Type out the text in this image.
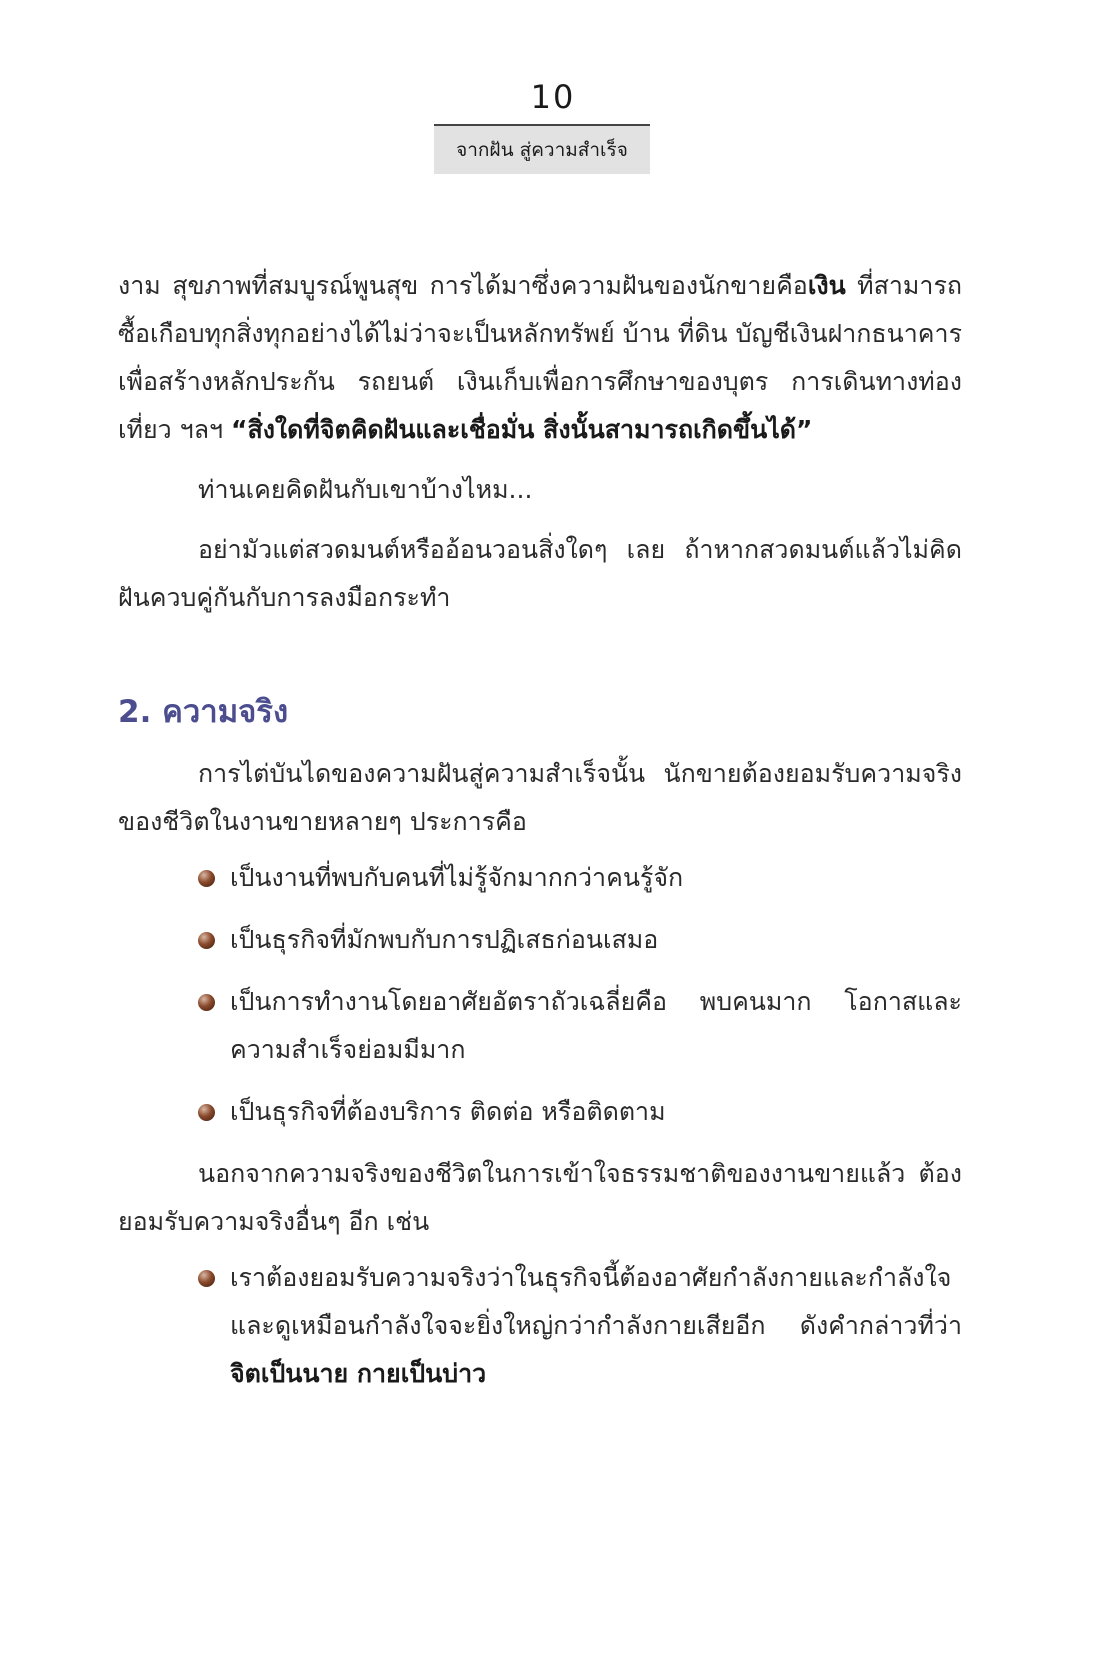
10
จากฝัน สู่ความสำเร็จ

งาม สุขภาพที่สมบูรณ์พูนสุข การได้มาซึ่งความฝันของนักขายคือเงิน ที่สามารถซื้อเกือบทุกสิ่งทุกอย่างได้ไม่ว่าจะเป็นหลักทรัพย์ บ้าน ที่ดิน บัญชีเงินฝากธนาคารเพื่อสร้างหลักประกัน รถยนต์ เงินเก็บเพื่อการศึกษาของบุตร การเดินทางท่องเที่ยว ฯลฯ “สิ่งใดที่จิตคิดฝันและเชื่อมั่น สิ่งนั้นสามารถเกิดขึ้นได้”

ท่านเคยคิดฝันกับเขาบ้างไหม...

อย่ามัวแต่สวดมนต์หรืออ้อนวอนสิ่งใดๆ เลย ถ้าหากสวดมนต์แล้วไม่คิดฝันควบคู่กันกับการลงมือกระทำ

2. ความจริง

การไต่บันไดของความฝันสู่ความสำเร็จนั้น นักขายต้องยอมรับความจริงของชีวิตในงานขายหลายๆ ประการคือ

เป็นงานที่พบกับคนที่ไม่รู้จักมากกว่าคนรู้จัก
เป็นธุรกิจที่มักพบกับการปฏิเสธก่อนเสมอ
เป็นการทำงานโดยอาศัยอัตราถัวเฉลี่ยคือ พบคนมาก โอกาสและความสำเร็จย่อมมีมาก
เป็นธุรกิจที่ต้องบริการ ติดต่อ หรือติดตาม

นอกจากความจริงของชีวิตในการเข้าใจธรรมชาติของงานขายแล้ว ต้องยอมรับความจริงอื่นๆ อีก เช่น

เราต้องยอมรับความจริงว่าในธุรกิจนี้ต้องอาศัยกำลังกายและกำลังใจ และดูเหมือนกำลังใจจะยิ่งใหญ่กว่ากำลังกายเสียอีก ดังคำกล่าวที่ว่า จิตเป็นนาย กายเป็นบ่าว
